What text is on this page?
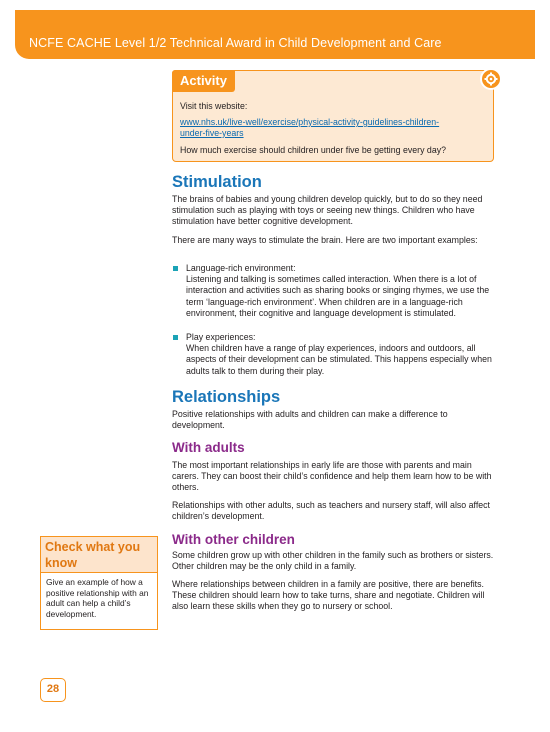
NCFE CACHE Level 1/2 Technical Award in Child Development and Care
Activity
Visit this website:
www.nhs.uk/live-well/exercise/physical-activity-guidelines-children-
under-five-years
How much exercise should children under five be getting every day?
Stimulation
The brains of babies and young children develop quickly, but to do so they need stimulation such as playing with toys or seeing new things. Children who have stimulation have better cognitive development.
There are many ways to stimulate the brain. Here are two important examples:
Language-rich environment:
Listening and talking is sometimes called interaction. When there is a lot of interaction and activities such as sharing books or singing rhymes, we use the term ‘language-rich environment’. When children are in a language-rich environment, their cognitive and language development is stimulated.
Play experiences:
When children have a range of play experiences, indoors and outdoors, all aspects of their development can be stimulated. This happens especially when adults talk to them during their play.
Relationships
Positive relationships with adults and children can make a difference to development.
With adults
The most important relationships in early life are those with parents and main carers. They can boost their child’s confidence and help them learn how to be with others.
Relationships with other adults, such as teachers and nursery staff, will also affect children’s development.
With other children
Some children grow up with other children in the family such as brothers or sisters. Other children may be the only child in a family.
Where relationships between children in a family are positive, there are benefits. These children should learn how to take turns, share and negotiate. Children will also learn these skills when they go to nursery or school.
Check what you know
Give an example of how a positive relationship with an adult can help a child’s development.
28
